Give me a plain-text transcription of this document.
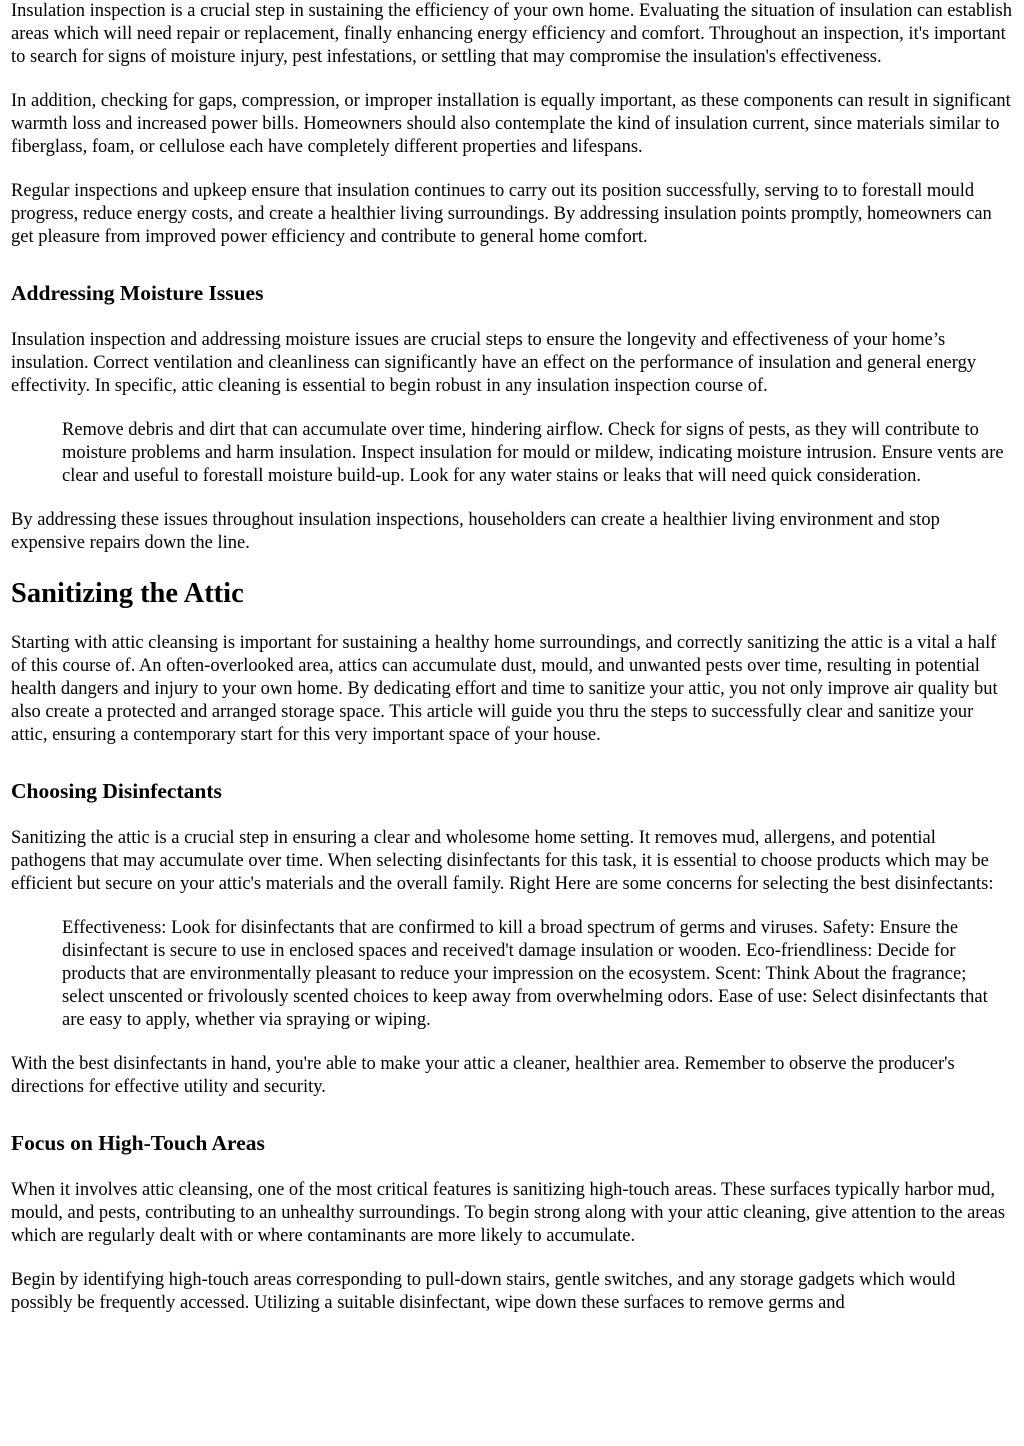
Insulation inspection is a crucial step in sustaining the efficiency of your own home. Evaluating the situation of insulation can establish areas which will need repair or replacement, finally enhancing energy efficiency and comfort. Throughout an inspection, it's important to search for signs of moisture injury, pest infestations, or settling that may compromise the insulation's effectiveness.

In addition, checking for gaps, compression, or improper installation is equally important, as these components can result in significant warmth loss and increased power bills. Homeowners should also contemplate the kind of insulation current, since materials similar to fiberglass, foam, or cellulose each have completely different properties and lifespans.

Regular inspections and upkeep ensure that insulation continues to carry out its position successfully, serving to to forestall mould progress, reduce energy costs, and create a healthier living surroundings. By addressing insulation points promptly, homeowners can get pleasure from improved power efficiency and contribute to general home comfort.

Addressing Moisture Issues

Insulation inspection and addressing moisture issues are crucial steps to ensure the longevity and effectiveness of your home’s insulation. Correct ventilation and cleanliness can significantly have an effect on the performance of insulation and general energy effectivity. In specific, attic cleaning is essential to begin robust in any insulation inspection course of.

Remove debris and dirt that can accumulate over time, hindering airflow. Check for signs of pests, as they will contribute to moisture problems and harm insulation. Inspect insulation for mould or mildew, indicating moisture intrusion. Ensure vents are clear and useful to forestall moisture build-up. Look for any water stains or leaks that will need quick consideration.

By addressing these issues throughout insulation inspections, householders can create a healthier living environment and stop expensive repairs down the line.

Sanitizing the Attic

Starting with attic cleansing is important for sustaining a healthy home surroundings, and correctly sanitizing the attic is a vital a half of this course of. An often-overlooked area, attics can accumulate dust, mould, and unwanted pests over time, resulting in potential health dangers and injury to your own home. By dedicating effort and time to sanitize your attic, you not only improve air quality but also create a protected and arranged storage space. This article will guide you thru the steps to successfully clear and sanitize your attic, ensuring a contemporary start for this very important space of your house.

Choosing Disinfectants

Sanitizing the attic is a crucial step in ensuring a clear and wholesome home setting. It removes mud, allergens, and potential pathogens that may accumulate over time. When selecting disinfectants for this task, it is essential to choose products which may be efficient but secure on your attic's materials and the overall family. Right Here are some concerns for selecting the best disinfectants:

Effectiveness: Look for disinfectants that are confirmed to kill a broad spectrum of germs and viruses. Safety: Ensure the disinfectant is secure to use in enclosed spaces and received't damage insulation or wooden. Eco-friendliness: Decide for products that are environmentally pleasant to reduce your impression on the ecosystem. Scent: Think About the fragrance; select unscented or frivolously scented choices to keep away from overwhelming odors. Ease of use: Select disinfectants that are easy to apply, whether via spraying or wiping.

With the best disinfectants in hand, you're able to make your attic a cleaner, healthier area. Remember to observe the producer's directions for effective utility and security.

Focus on High-Touch Areas

When it involves attic cleansing, one of the most critical features is sanitizing high-touch areas. These surfaces typically harbor mud, mould, and pests, contributing to an unhealthy surroundings. To begin strong along with your attic cleaning, give attention to the areas which are regularly dealt with or where contaminants are more likely to accumulate.

Begin by identifying high-touch areas corresponding to pull-down stairs, gentle switches, and any storage gadgets which would possibly be frequently accessed. Utilizing a suitable disinfectant, wipe down these surfaces to remove germs and
